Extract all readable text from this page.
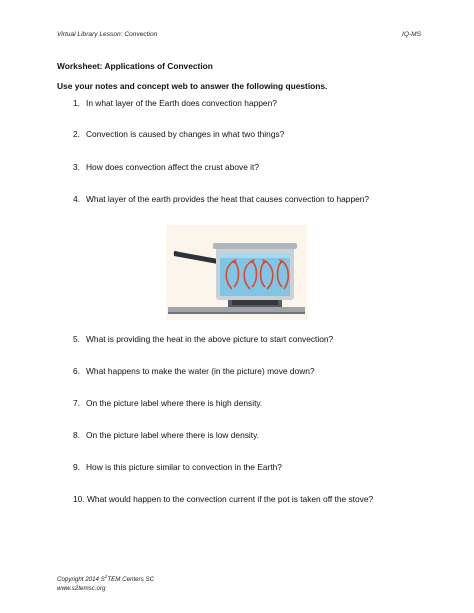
Virtual Library Lesson: Convection	IQ-MS
Worksheet: Applications of Convection
Use your notes and concept web to answer the following questions.
1. In what layer of the Earth does convection happen?
2. Convection is caused by changes in what two things?
3. How does convection affect the crust above it?
4. What layer of the earth provides the heat that causes convection to happen?
5. What is providing the heat in the above picture to start convection?
6. What happens to make the water (in the picture) move down?
7. On the picture label where there is high density.
8. On the picture label where there is low density.
9. How is this picture similar to convection in the Earth?
10. What would happen to the convection current if the pot is taken off the stove?
Copyright 2014 $S^2TEM$ Centers SC
www.s2temsc.org
